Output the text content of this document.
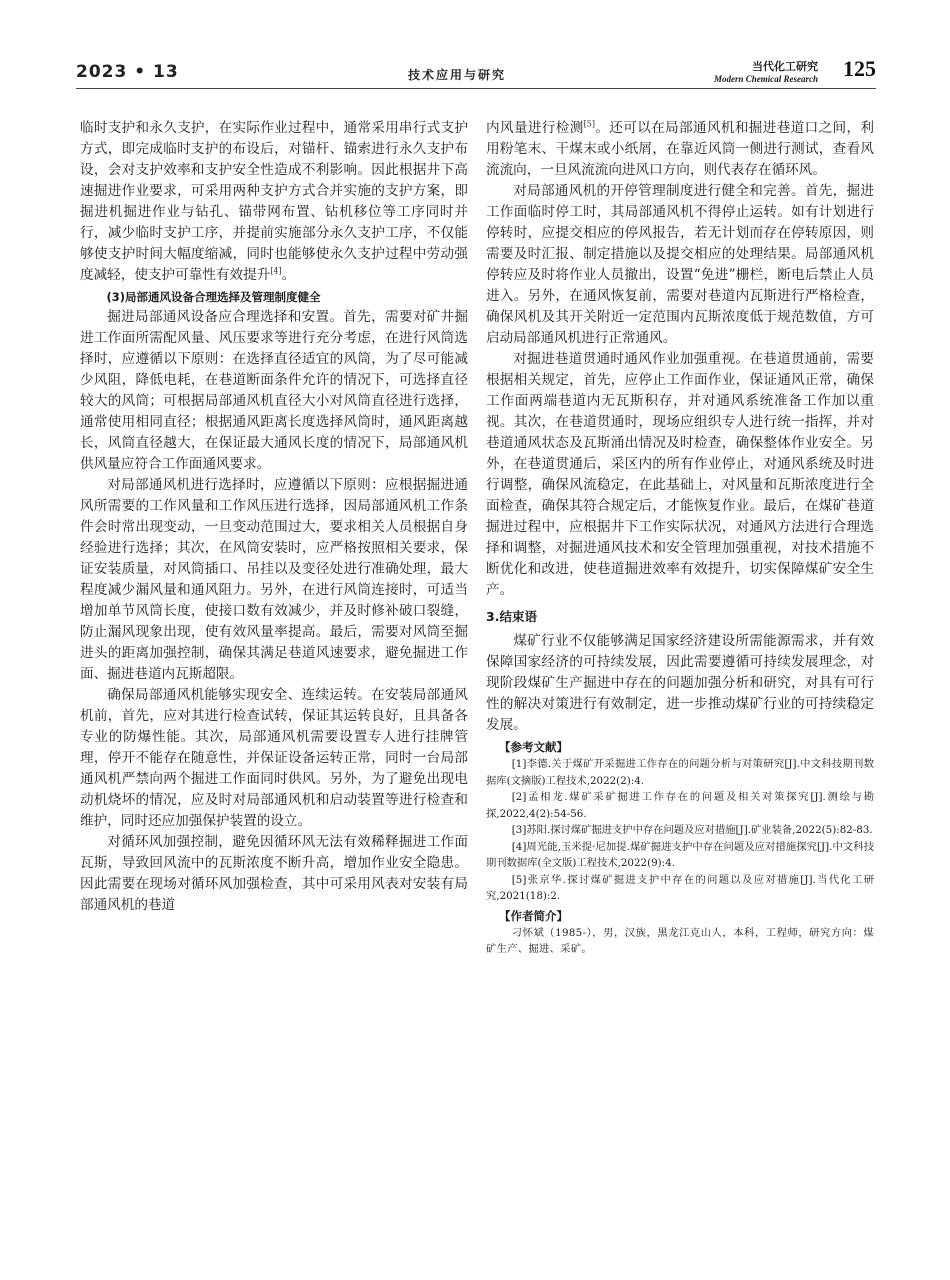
2023 • 13	技术应用与研究
当代化工研究
Modern Chemical Research 125

临时支护和永久支护，在实际作业过程中，通常采用串行式支护方式，即完成临时支护的布设后，对锚杆、锚索进行永久支护布设，会对支护效率和支护安全性造成不利影响。因此根据井下高速掘进作业要求，可采用两种支护方式合并实施的支护方案，即掘进机掘进作业与钻孔、锚带网布置、钻机移位等工序同时并行，减少临时支护工序，并提前实施部分永久支护工序，不仅能够使支护时间大幅度缩减，同时也能够使永久支护过程中劳动强度减轻，使支护可靠性有效提升[4]。

(3)局部通风设备合理选择及管理制度健全

掘进局部通风设备应合理选择和安置。首先，需要对矿井掘进工作面所需配风量、风压要求等进行充分考虑，在进行风筒选择时，应遵循以下原则：在选择直径适宜的风筒，为了尽可能减少风阻，降低电耗，在巷道断面条件允许的情况下，可选择直径较大的风筒；可根据局部通风机直径大小对风筒直径进行选择，通常使用相同直径；根据通风距离长度选择风筒时，通风距离越长，风筒直径越大，在保证最大通风长度的情况下，局部通风机供风量应符合工作面通风要求。

对局部通风机进行选择时，应遵循以下原则：应根据掘进通风所需要的工作风量和工作风压进行选择，因局部通风机工作条件会时常出现变动，一旦变动范围过大，要求相关人员根据自身经验进行选择；其次，在风筒安装时，应严格按照相关要求，保证安装质量，对风筒插口、吊挂以及变径处进行准确处理，最大程度减少漏风量和通风阻力。另外，在进行风筒连接时，可适当增加单节风筒长度，使接口数有效减少，并及时修补破口裂缝，防止漏风现象出现，使有效风量率提高。最后，需要对风筒至掘进头的距离加强控制，确保其满足巷道风速要求，避免掘进工作面、掘进巷道内瓦斯超限。

确保局部通风机能够实现安全、连续运转。在安装局部通风机前，首先，应对其进行检查试转，保证其运转良好，且具备各专业的防爆性能。其次，局部通风机需要设置专人进行挂牌管理，停开不能存在随意性，并保证设备运转正常，同时一台局部通风机严禁向两个掘进工作面同时供风。另外，为了避免出现电动机烧坏的情况，应及时对局部通风机和启动装置等进行检查和维护，同时还应加强保护装置的设立。

对循环风加强控制，避免因循环风无法有效稀释掘进工作面瓦斯，导致回风流中的瓦斯浓度不断升高，增加作业安全隐患。因此需要在现场对循环风加强检查，其中可采用风表对安装有局部通风机的巷道

内风量进行检测[5]。还可以在局部通风机和掘进巷道口之间，利用粉笔末、干煤末或小纸屑，在靠近风筒一侧进行测试，查看风流流向，一旦风流流向进风口方向，则代表存在循环风。

对局部通风机的开停管理制度进行健全和完善。首先，掘进工作面临时停工时，其局部通风机不得停止运转。如有计划进行停转时，应提交相应的停风报告，若无计划而存在停转原因，则需要及时汇报、制定措施以及提交相应的处理结果。局部通风机停转应及时将作业人员撤出，设置“免进”栅栏，断电后禁止人员进入。另外，在通风恢复前，需要对巷道内瓦斯进行严格检查，确保风机及其开关附近一定范围内瓦斯浓度低于规范数值，方可启动局部通风机进行正常通风。

对掘进巷道贯通时通风作业加强重视。在巷道贯通前，需要根据相关规定，首先，应停止工作面作业，保证通风正常，确保工作面两端巷道内无瓦斯积存，并对通风系统准备工作加以重视。其次，在巷道贯通时，现场应组织专人进行统一指挥，并对巷道通风状态及瓦斯涌出情况及时检查，确保整体作业安全。另外，在巷道贯通后，采区内的所有作业停止，对通风系统及时进行调整，确保风流稳定，在此基础上，对风量和瓦斯浓度进行全面检查，确保其符合规定后，才能恢复作业。最后，在煤矿巷道掘进过程中，应根据井下工作实际状况，对通风方法进行合理选择和调整，对掘进通风技术和安全管理加强重视，对技术措施不断优化和改进，使巷道掘进效率有效提升，切实保障煤矿安全生产。

3.结束语

煤矿行业不仅能够满足国家经济建设所需能源需求，并有效保障国家经济的可持续发展，因此需要遵循可持续发展理念，对现阶段煤矿生产掘进中存在的问题加强分析和研究，对具有可行性的解决对策进行有效制定，进一步推动煤矿行业的可持续稳定发展。

【参考文献】

[1]李德.关于煤矿开采掘进工作存在的问题分析与对策研究[J].中文科技期刊数据库(文摘版)工程技术,2022(2):4.

[2]孟相龙.煤矿采矿掘进工作存在的问题及相关对策探究[J].测绘与勘探,2022,4(2):54-56.

[3]苏阳.探讨煤矿掘进支护中存在问题及应对措施[J].矿业装备,2022(5):82-83.

[4]周光能,玉米提·尼加提.煤矿掘进支护中存在问题及应对措施探究[J].中文科技期刊数据库(全文版)工程技术,2022(9):4.

[5]张京华.探讨煤矿掘进支护中存在的问题以及应对措施[J].当代化工研究,2021(18):2.

【作者简介】

刁怀斌（1985-），男，汉族，黑龙江克山人，本科，工程师，研究方向：煤矿生产、掘进、采矿。
